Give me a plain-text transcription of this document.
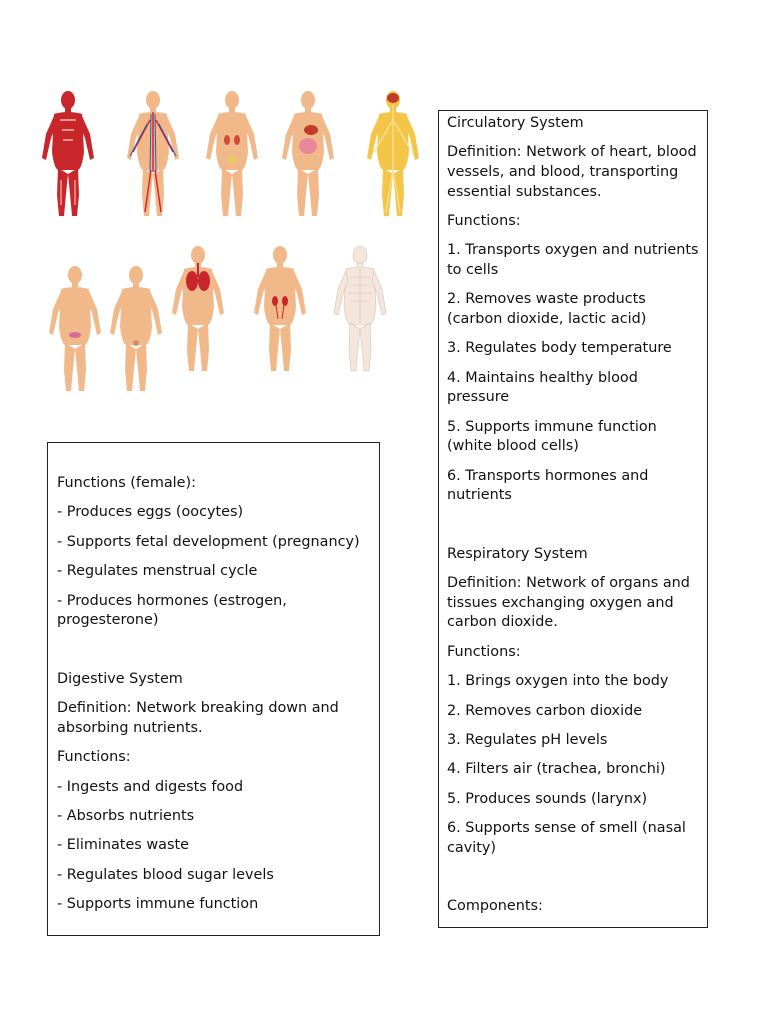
Functions (female):

- Produces eggs (oocytes)

- Supports fetal development (pregnancy)

- Regulates menstrual cycle

- Produces hormones (estrogen, progesterone)

Digestive System

Definition: Network breaking down and absorbing nutrients.

Functions:

- Ingests and digests food

- Absorbs nutrients

- Eliminates waste

- Regulates blood sugar levels

- Supports immune function

Circulatory System

Definition: Network of heart, blood vessels, and blood, transporting essential substances.

Functions:

1. Transports oxygen and nutrients to cells

2. Removes waste products (carbon dioxide, lactic acid)

3. Regulates body temperature

4. Maintains healthy blood pressure

5. Supports immune function (white blood cells)

6. Transports hormones and nutrients

Respiratory System

Definition: Network of organs and tissues exchanging oxygen and carbon dioxide.

Functions:

1. Brings oxygen into the body

2. Removes carbon dioxide

3. Regulates pH levels

4. Filters air (trachea, bronchi)

5. Produces sounds (larynx)

6. Supports sense of smell (nasal cavity)

Components:
